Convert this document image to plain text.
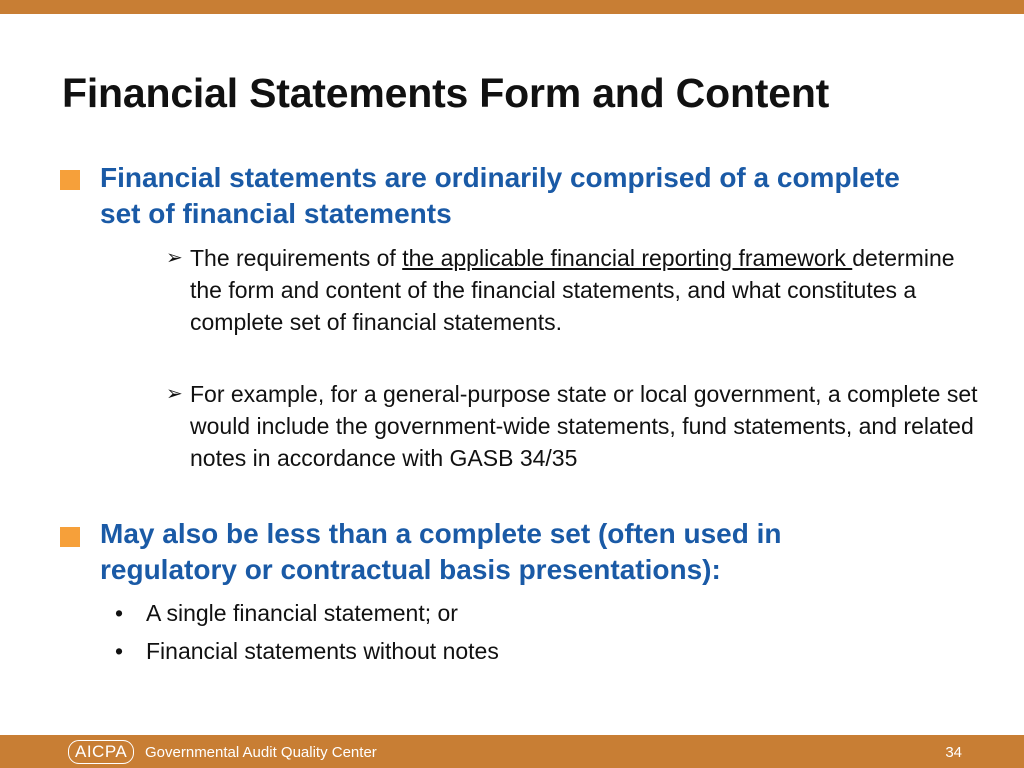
Financial Statements Form and Content
Financial statements are ordinarily comprised of a complete set of financial statements
➢ The requirements of the applicable financial reporting framework determine the form and content of the financial statements, and what constitutes a complete set of financial statements.
➢ For example, for a general-purpose state or local government, a complete set would include the government-wide statements, fund statements, and related notes in accordance with GASB 34/35
May also be less than a complete set (often used in regulatory or contractual basis presentations):
• A single financial statement; or
• Financial statements without notes
AICPA	Governmental Audit Quality Center	34
